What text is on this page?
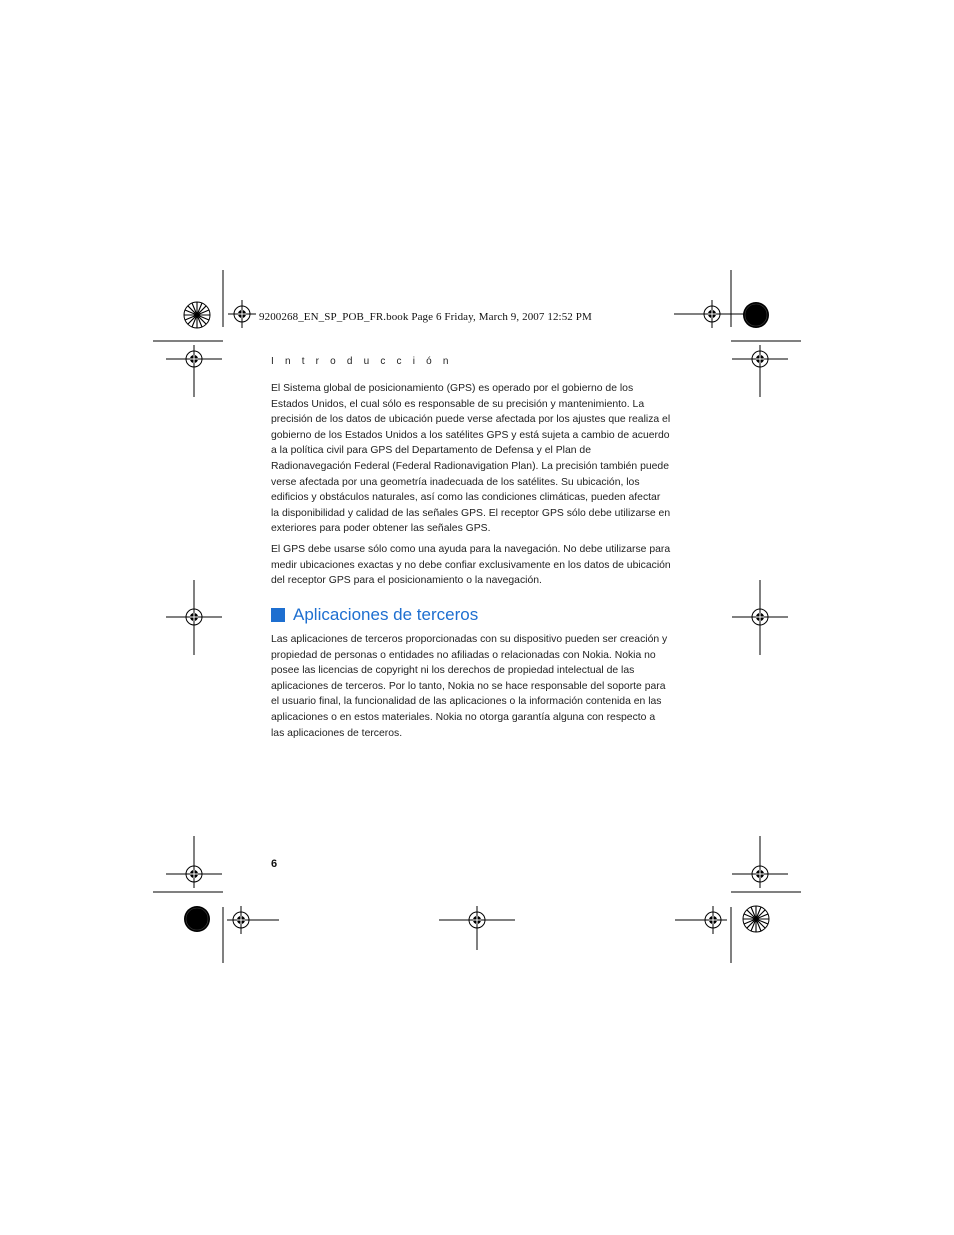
9200268_EN_SP_POB_FR.book Page 6 Friday, March 9, 2007 12:52 PM
I n t r o d u c c i ó n

El Sistema global de posicionamiento (GPS) es operado por el gobierno de los Estados Unidos, el cual sólo es responsable de su precisión y mantenimiento. La precisión de los datos de ubicación puede verse afectada por los ajustes que realiza el gobierno de los Estados Unidos a los satélites GPS y está sujeta a cambio de acuerdo a la política civil para GPS del Departamento de Defensa y el Plan de Radionavegación Federal (Federal Radionavigation Plan). La precisión también puede verse afectada por una geometría inadecuada de los satélites. Su ubicación, los edificios y obstáculos naturales, así como las condiciones climáticas, pueden afectar la disponibilidad y calidad de las señales GPS. El receptor GPS sólo debe utilizarse en exteriores para poder obtener las señales GPS.

El GPS debe usarse sólo como una ayuda para la navegación. No debe utilizarse para medir ubicaciones exactas y no debe confiar exclusivamente en los datos de ubicación del receptor GPS para el posicionamiento o la navegación.

Aplicaciones de terceros

Las aplicaciones de terceros proporcionadas con su dispositivo pueden ser creación y propiedad de personas o entidades no afiliadas o relacionadas con Nokia. Nokia no posee las licencias de copyright ni los derechos de propiedad intelectual de las aplicaciones de terceros. Por lo tanto, Nokia no se hace responsable del soporte para el usuario final, la funcionalidad de las aplicaciones o la información contenida en las aplicaciones o en estos materiales. Nokia no otorga garantía alguna con respecto a las aplicaciones de terceros.

6
